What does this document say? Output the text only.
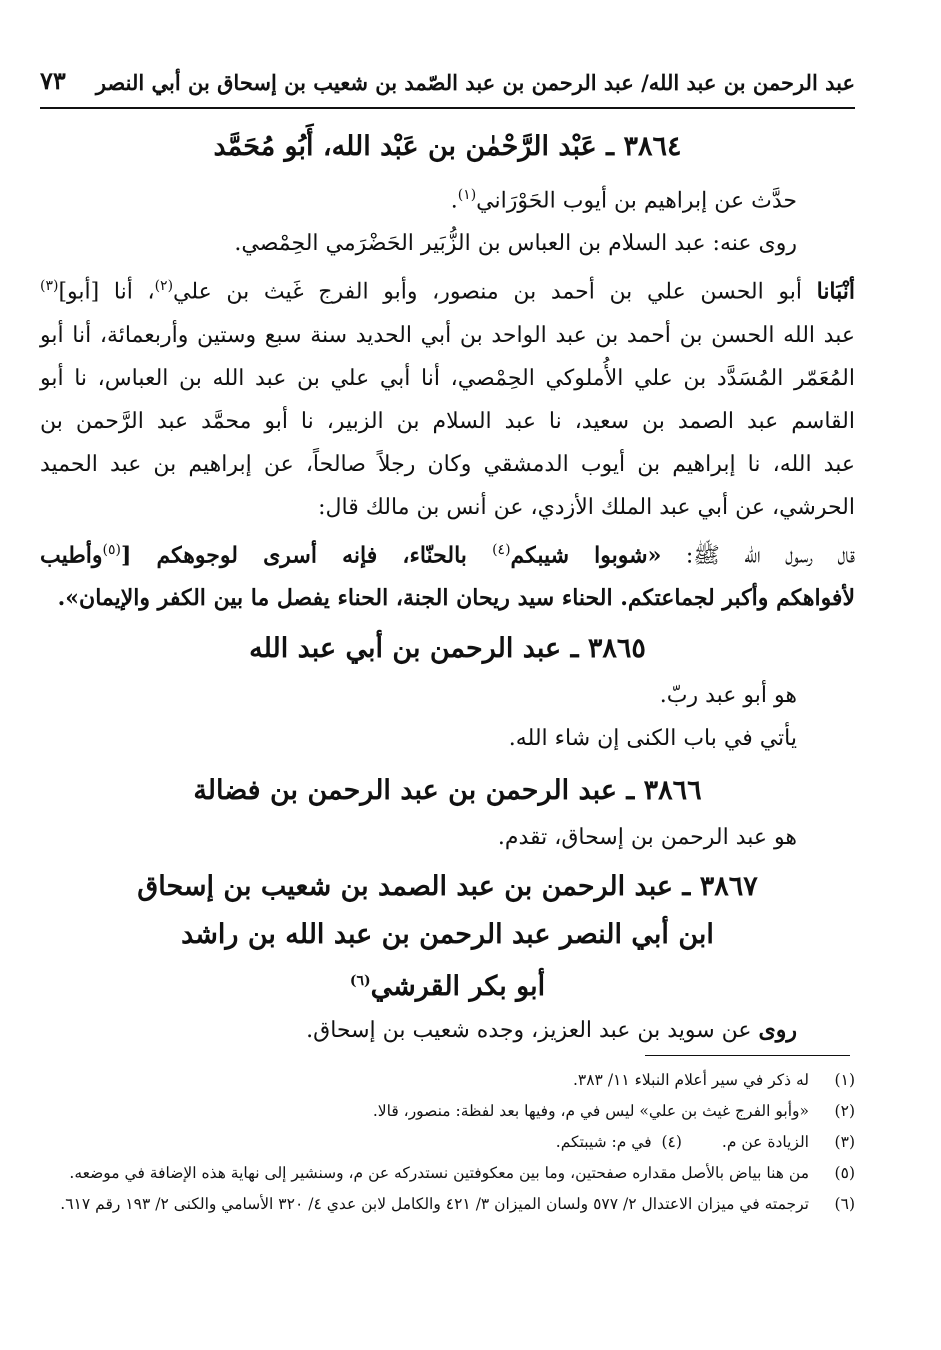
عبد الرحمن بن عبد الله/ عبد الرحمن بن عبد الصّمد بن شعيب بن إسحاق بن أبي النصر
٧٣
٣٨٦٤ ـ عَبْد الرَّحْمٰن بن عَبْد الله، أَبُو مُحَمَّد

حدَّث عن إبراهيم بن أيوب الحَوْرَاني$^{(١)}$.

روى عنه: عبد السلام بن العباس بن الزُّبَير الحَضْرَمي الحِمْصي.

أنْبَانا أبو الحسن علي بن أحمد بن منصور، وأبو الفرج غَيث بن علي$^{(٢)}$، أنا [أبو]$^{(٣)}$

عبد الله الحسن بن أحمد بن عبد الواحد بن أبي الحديد سنة سبع وستين وأربعمائة، أنا أبو

المُعَمّر المُسَدَّد بن علي الأُملوكي الحِمْصي، أنا أبي علي بن عبد الله بن العباس، نا أبو

القاسم عبد الصمد بن سعيد، نا عبد السلام بن الزبير، نا أبو محمَّد عبد الرَّحمن بن

عبد الله، نا إبراهيم بن أيوب الدمشقي وكان رجلاً صالحاً، عن إبراهيم بن عبد الحميد

الحرشي، عن أبي عبد الملك الأزدي، عن أنس بن مالك قال:

قال رسول الله ﷺ: «شوبوا شيبكم$^{(٤)}$ بالحنّاء، فإنه أسرى لوجوهكم [$^{(٥)}$وأطيب

لأفواهكم وأكبر لجماعتكم. الحناء سيد ريحان الجنة، الحناء يفصل ما بين الكفر والإيمان».

٣٨٦٥ ـ عبد الرحمن بن أبي عبد الله

هو أبو عبد ربّ.

يأتي في باب الكنى إن شاء الله.

٣٨٦٦ ـ عبد الرحمن بن عبد الرحمن بن فضالة

هو عبد الرحمن بن إسحاق، تقدم.

٣٨٦٧ ـ عبد الرحمن بن عبد الصمد بن شعيب بن إسحاق
ابن أبي النصر عبد الرحمن بن عبد الله بن راشد
أبو بكر القرشي$^{(٦)}$

روى عن سويد بن عبد العزيز، وجده شعيب بن إسحاق.

(١)
له ذكر في سير أعلام النبلاء ١١/ ٣٨٣.
(٢)
«وأبو الفرج غيث بن علي» ليس في م، وفيها بعد لفظة: منصور، قالا.
(٣)
الزيادة عن م.(٤)  في م: شيبتكم.
(٥)
من هنا بياض بالأصل مقداره صفحتين، وما بين معكوفتين نستدركه عن م، وسنشير إلى نهاية هذه الإضافة في موضعه.
(٦)
ترجمته في ميزان الاعتدال ٢/ ٥٧٧ ولسان الميزان ٣/ ٤٢١ والكامل لابن عدي ٤/ ٣٢٠ الأسامي والكنى ٢/ ١٩٣ رقم ٦١٧.
